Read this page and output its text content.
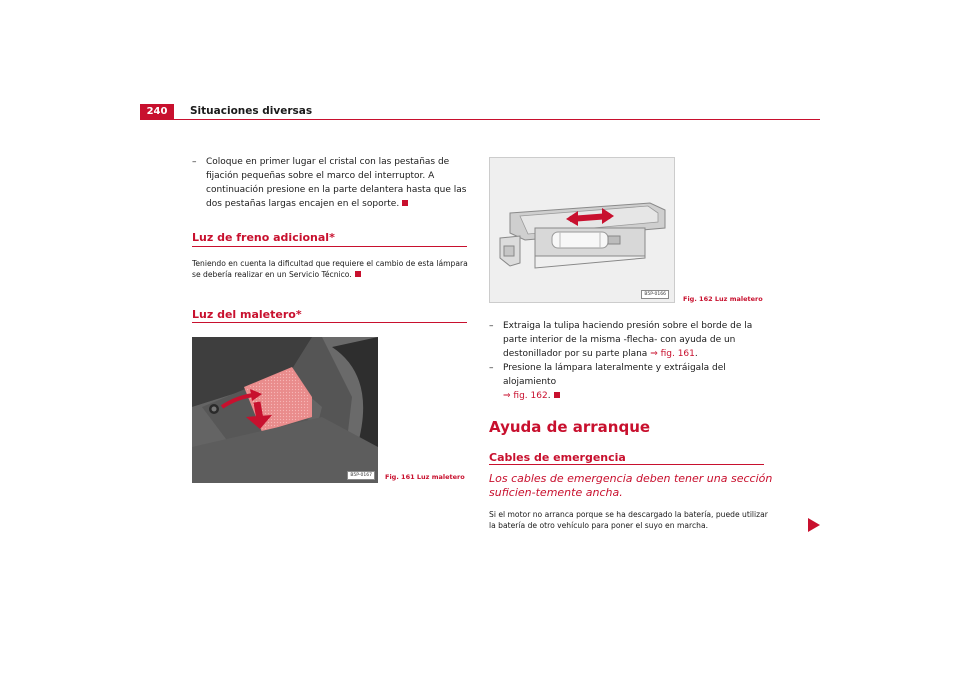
240	Situaciones diversas
–	Coloque en primer lugar el cristal con las pestañas de fijación pequeñas sobre el marco del interruptor. A continuación presione en la parte delantera hasta que las dos pestañas largas encajen en el soporte.
Luz de freno adicional*
Teniendo en cuenta la dificultad que requiere el cambio de esta lámpara se debería realizar en un Servicio Técnico.
Luz del maletero*
B5P-0167	Fig. 161 Luz maletero
B5P-0166
Fig. 162 Luz maletero
–	Extraiga la tulipa haciendo presión sobre el borde de la parte interior de la misma -flecha- con ayuda de un destonillador por su parte plana ⇒ fig. 161.
–	Presione la lámpara lateralmente y extráigala del alojamiento
⇒ fig. 162.
Ayuda de arranque
Cables de emergencia
Los cables de emergencia deben tener una sección suficien-temente ancha.
Si el motor no arranca porque se ha descargado la batería, puede utilizar la batería de otro vehículo para poner el suyo en marcha.
